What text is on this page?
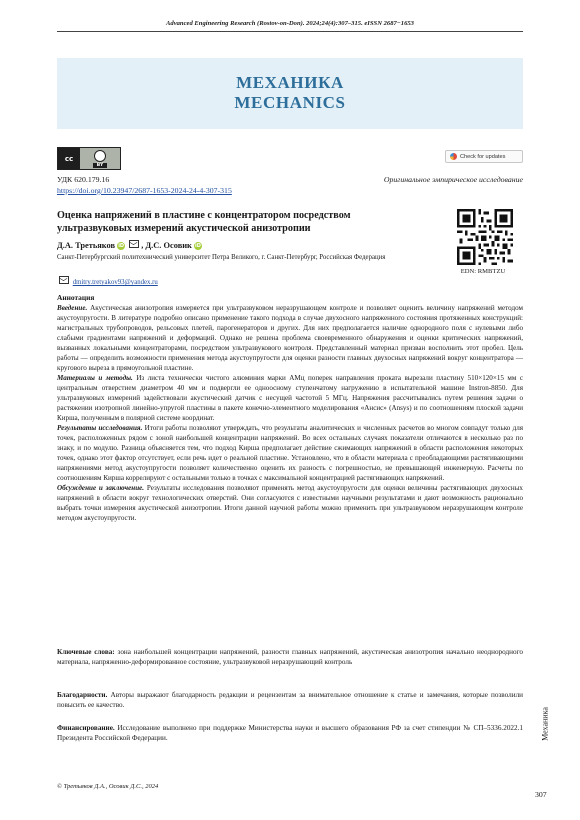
Advanced Engineering Research (Rostov-on-Don). 2024;24(4):307–315. eISSN 2687−1653
МЕХАНИКА
MECHANICS
cc
BY
Check for updates
УДК 620.179.16	Оригинальное эмпирическое исследование
https://doi.org/10.23947/2687-1653-2024-24-4-307-315
Оценка напряжений в пластине с концентратором посредством ультразвуковых измерений акустической анизотропии
EDN: RMBTZU
Д.А. Третьяков iD , Д.С. Осовик iD
Санкт-Петербургский политехнический университет Петра Великого, г. Санкт-Петербург, Российская Федерация
dmitry.tretyakov93@yandex.ru

Аннотация

Введение. Акустическая анизотропия измеряется при ультразвуковом неразрушающем контроле и позволяет оценить величину напряжений методом акустоупругости. В литературе подробно описано применение такого подхода в случае двухосного напряженного состояния протяженных конструкций: магистральных трубопроводов, рельсовых плетей, парогенераторов и других. Для них предполагается наличие однородного поля с нулевыми либо слабыми градиентами напряжений и деформаций. Однако не решена проблема своевременного обнаружения и оценки критических напряжений, вызванных локальными концентраторами, посредством ультразвукового контроля. Представленный материал призван восполнить этот пробел. Цель работы — определить возможности применения метода акустоупругости для оценки разности главных двухосных напряжений вокруг концентратора — кругового выреза в прямоугольной пластине.

Материалы и методы. Из листа технически чистого алюминия марки АМц поперек направления проката вырезали пластину 510×120×15 мм с центральным отверстием диаметром 40 мм и подвергли ее одноосному ступенчатому нагружению в испытательной машине Instron-8850. Для ультразвуковых измерений задействовали акустический датчик с несущей частотой 5 МГц. Напряжения рассчитывались путем решения задачи о растяжении изотропной линейно-упругой пластины в пакете конечно-элементного моделирования «Ансис» (Ansys) и по соотношениям плоской задачи Кирша, полученным в полярной системе координат.

Результаты исследования. Итоги работы позволяют утверждать, что результаты аналитических и численных расчетов во многом совпадут только для точек, расположенных рядом с зоной наибольшей концентрации напряжений. Во всех остальных случаях показатели отличаются в несколько раз по знаку, и по модулю. Разница объясняется тем, что подход Кирша предполагает действие сжимающих напряжений в области расположения некоторых точек, однако этот фактор отсутствует, если речь идет о реальной пластине. Установлено, что в области материала с преобладающими растягивающими напряжениями метод акустоупругости позволяет количественно оценить их разность с погрешностью, не превышающей инженерную. Расчеты по соотношениям Кирша коррелируют с остальными только в точках с максимальной концентрацией растягивающих напряжений.

Обсуждение и заключение. Результаты исследования позволяют применять метод акустоупругости для оценки величины растягивающих двухосных напряжений в области вокруг технологических отверстий. Они согласуются с известными научными результатами и дают возможность рационально выбрать точки измерения акустической анизотропии. Итоги данной научной работы можно применить при ультразвуковом неразрушающем контроле методом акустоупругости.

Ключевые слова: зона наибольшей концентрации напряжений, разности главных напряжений, акустическая анизотропия начально неоднородного материала, напряженно-деформированное состояние, ультразвуковой неразрушающий контроль

Благодарности. Авторы выражают благодарность редакции и рецензентам за внимательное отношение к статье и замечания, которые позволили повысить ее качество.

Финансирование. Исследование выполнено при поддержке Министерства науки и высшего образования РФ за счет стипендии № СП–5336.2022.1 Президента Российской Федерации.	Механика
© Третьяков Д.А., Осовик Д.С., 2024
307
